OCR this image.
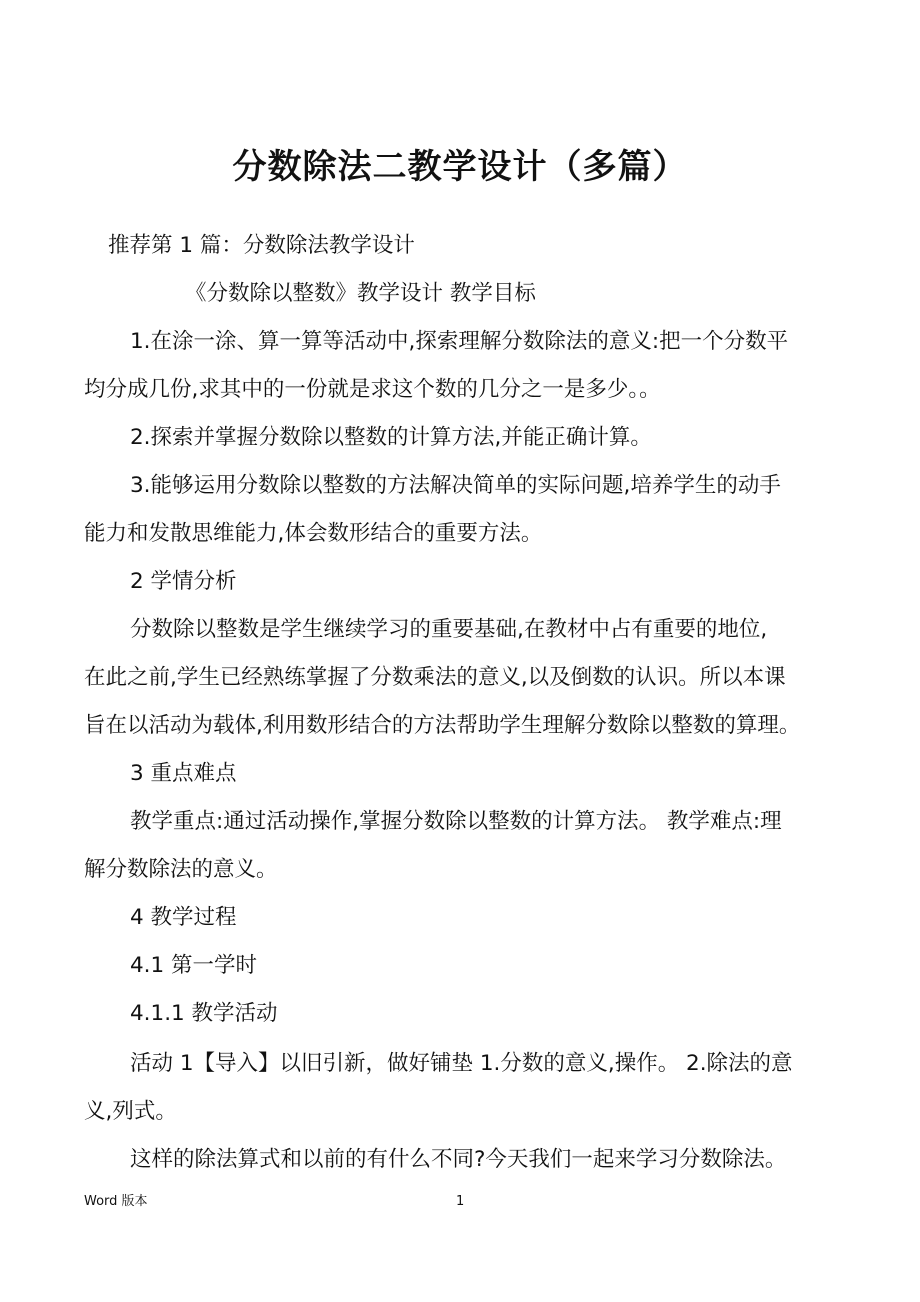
分数除法二教学设计（多篇）
推荐第 1 篇：分数除法教学设计
《分数除以整数》教学设计 教学目标
1.在涂一涂、算一算等活动中,探索理解分数除法的意义:把一个分数平
均分成几份,求其中的一份就是求这个数的几分之一是多少。。
2.探索并掌握分数除以整数的计算方法,并能正确计算。
3.能够运用分数除以整数的方法解决简单的实际问题,培养学生的动手
能力和发散思维能力,体会数形结合的重要方法。
2 学情分析
分数除以整数是学生继续学习的重要基础,在教材中占有重要的地位,
在此之前,学生已经熟练掌握了分数乘法的意义,以及倒数的认识。所以本课
旨在以活动为载体,利用数形结合的方法帮助学生理解分数除以整数的算理。
3 重点难点
教学重点:通过活动操作,掌握分数除以整数的计算方法。 教学难点:理
解分数除法的意义。
4 教学过程
4.1 第一学时
4.1.1 教学活动
活动 1【导入】以旧引新，做好铺垫 1.分数的意义,操作。 2.除法的意
义,列式。
这样的除法算式和以前的有什么不同?今天我们一起来学习分数除法。
Word 版本	1
